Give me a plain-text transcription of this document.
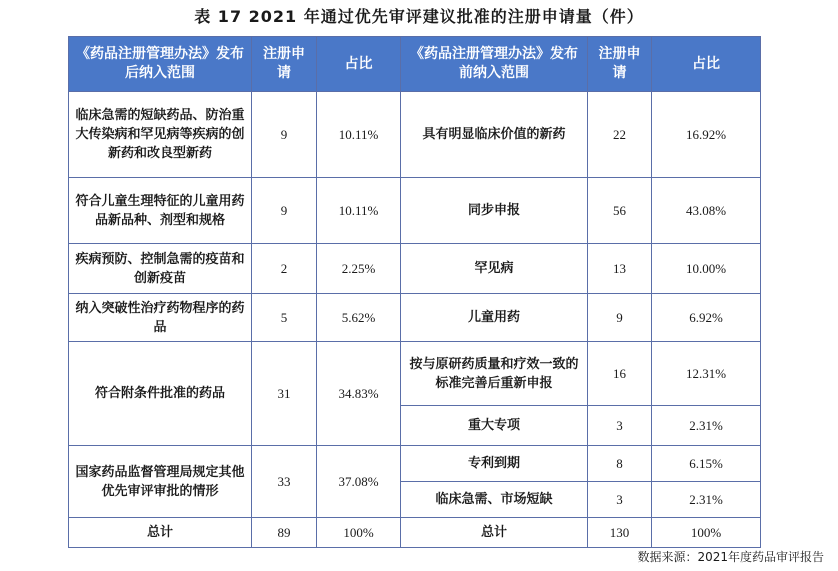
表 17 2021 年通过优先审评建议批准的注册申请量（件）
《药品注册管理办法》发布后纳入范围	注册申请	占比	《药品注册管理办法》发布前纳入范围	注册申请	占比
临床急需的短缺药品、防治重大传染病和罕见病等疾病的创新药和改良型新药	9	10.11%	具有明显临床价值的新药	22	16.92%
符合儿童生理特征的儿童用药品新品种、剂型和规格	9	10.11%	同步申报	56	43.08%
疾病预防、控制急需的疫苗和创新疫苗	2	2.25%	罕见病	13	10.00%
纳入突破性治疗药物程序的药品	5	5.62%	儿童用药	9	6.92%
符合附条件批准的药品	31	34.83%	按与原研药质量和疗效一致的标准完善后重新申报	16	12.31%
			重大专项	3	2.31%
国家药品监督管理局规定其他优先审评审批的情形	33	37.08%	专利到期	8	6.15%
			临床急需、市场短缺	3	2.31%
总计	89	100%	总计	130	100%
数据来源：2021年度药品审评报告
